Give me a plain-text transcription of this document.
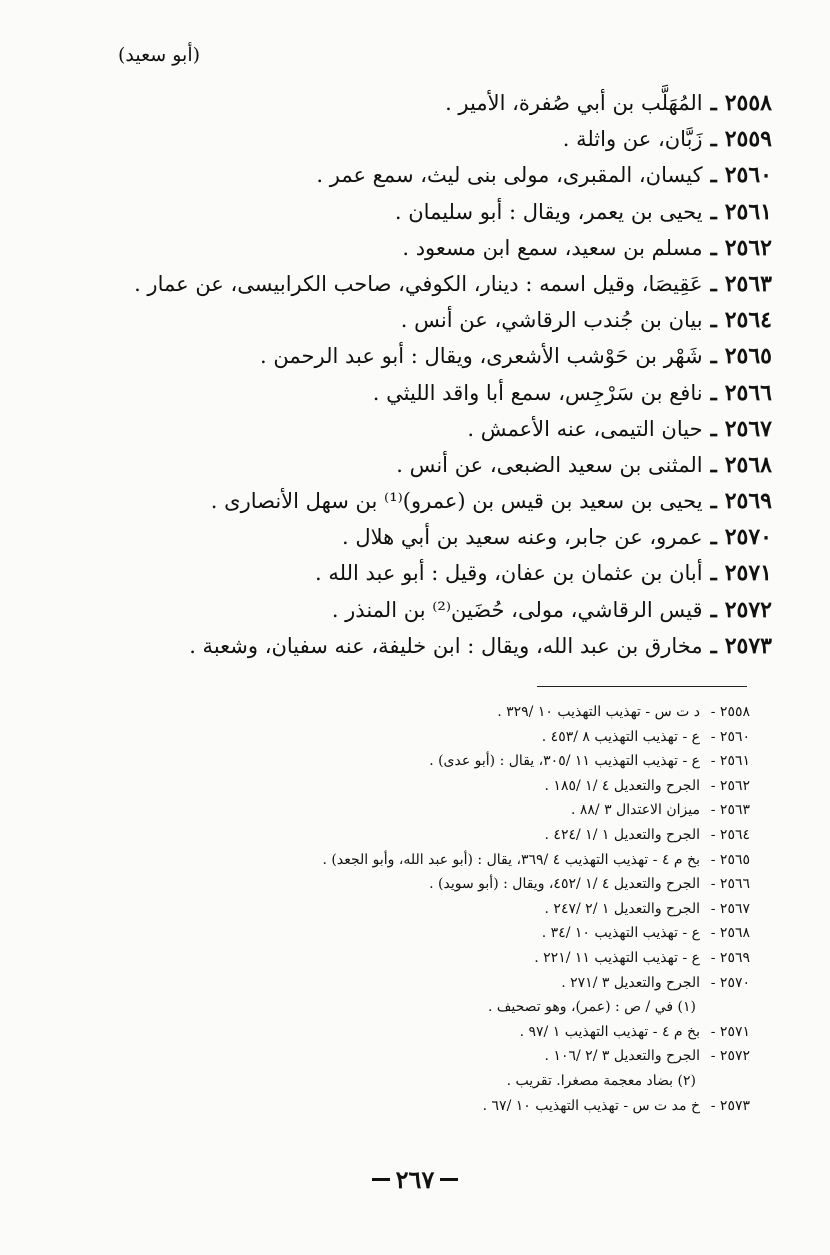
(أبو سعيد)
٢٥٥٨
ـ
المُهَلَّب بن أبي صُفرة، الأمير .
٢٥٥٩
ـ
زَبَّان، عن واثلة .
٢٥٦٠
ـ
كيسان، المقبرى، مولى بنى ليث، سمع عمر .
٢٥٦١
ـ
يحيى بن يعمر، ويقال : أبو سليمان .
٢٥٦٢
ـ
مسلم بن سعيد، سمع ابن مسعود .
٢٥٦٣
ـ
عَقِيصَا، وقيل اسمه : دينار، الكوفي، صاحب الكرابيسى، عن عمار .
٢٥٦٤
ـ
بيان بن جُندب الرقاشي، عن أنس .
٢٥٦٥
ـ
شَهْر بن حَوْشب الأشعرى، ويقال : أبو عبد الرحمن .
٢٥٦٦
ـ
نافع بن سَرْجِس، سمع أبا واقد الليثي .
٢٥٦٧
ـ
حيان التيمى، عنه الأعمش .
٢٥٦٨
ـ
المثنى بن سعيد الضبعى، عن أنس .
٢٥٦٩
ـ
يحيى بن سعيد بن قيس بن (عمرو)⁽¹⁾ بن سهل الأنصارى .
٢٥٧٠
ـ
عمرو، عن جابر، وعنه سعيد بن أبي هلال .
٢٥٧١
ـ
أبان بن عثمان بن عفان، وقيل : أبو عبد الله .
٢٥٧٢
ـ
قيس الرقاشي، مولى، حُضَين⁽²⁾ بن المنذر .
٢٥٧٣
ـ
مخارق بن عبد الله، ويقال : ابن خليفة، عنه سفيان، وشعبة .
٢٥٥٨ -
د ت س - تهذيب التهذيب ١٠ /٣٢٩ .
٢٥٦٠ -
ع - تهذيب التهذيب ٨ /٤٥٣ .
٢٥٦١ -
ع - تهذيب التهذيب ١١ /٣٠٥، يقال : (أبو عدى) .
٢٥٦٢ -
الجرح والتعديل ٤ /١ /١٨٥ .
٢٥٦٣ -
ميزان الاعتدال ٣ /٨٨ .
٢٥٦٤ -
الجرح والتعديل ١ /١ /٤٢٤ .
٢٥٦٥ -
بخ م ٤ - تهذيب التهذيب ٤ /٣٦٩، يقال : (أبو عبد الله، وأبو الجعد) .
٢٥٦٦ -
الجرح والتعديل ٤ /١ /٤٥٢، ويقال : (أبو سويد) .
٢٥٦٧ -
الجرح والتعديل ١ /٢ /٢٤٧ .
٢٥٦٨ -
ع - تهذيب التهذيب ١٠ /٣٤ .
٢٥٦٩ -
ع - تهذيب التهذيب ١١ /٢٢١ .
٢٥٧٠ -
الجرح والتعديل ٣ /٢٧١ .
(١) في / ص : (عمر)، وهو تصحيف .
٢٥٧١ -
بخ م ٤ - تهذيب التهذيب ١ /٩٧ .
٢٥٧٢ -
الجرح والتعديل ٣ /٢ /١٠٦ .
(٢) بضاد معجمة مصغرا. تقريب .
٢٥٧٣ -
خ مد ت س - تهذيب التهذيب ١٠ /٦٧ .
٢٦٧
